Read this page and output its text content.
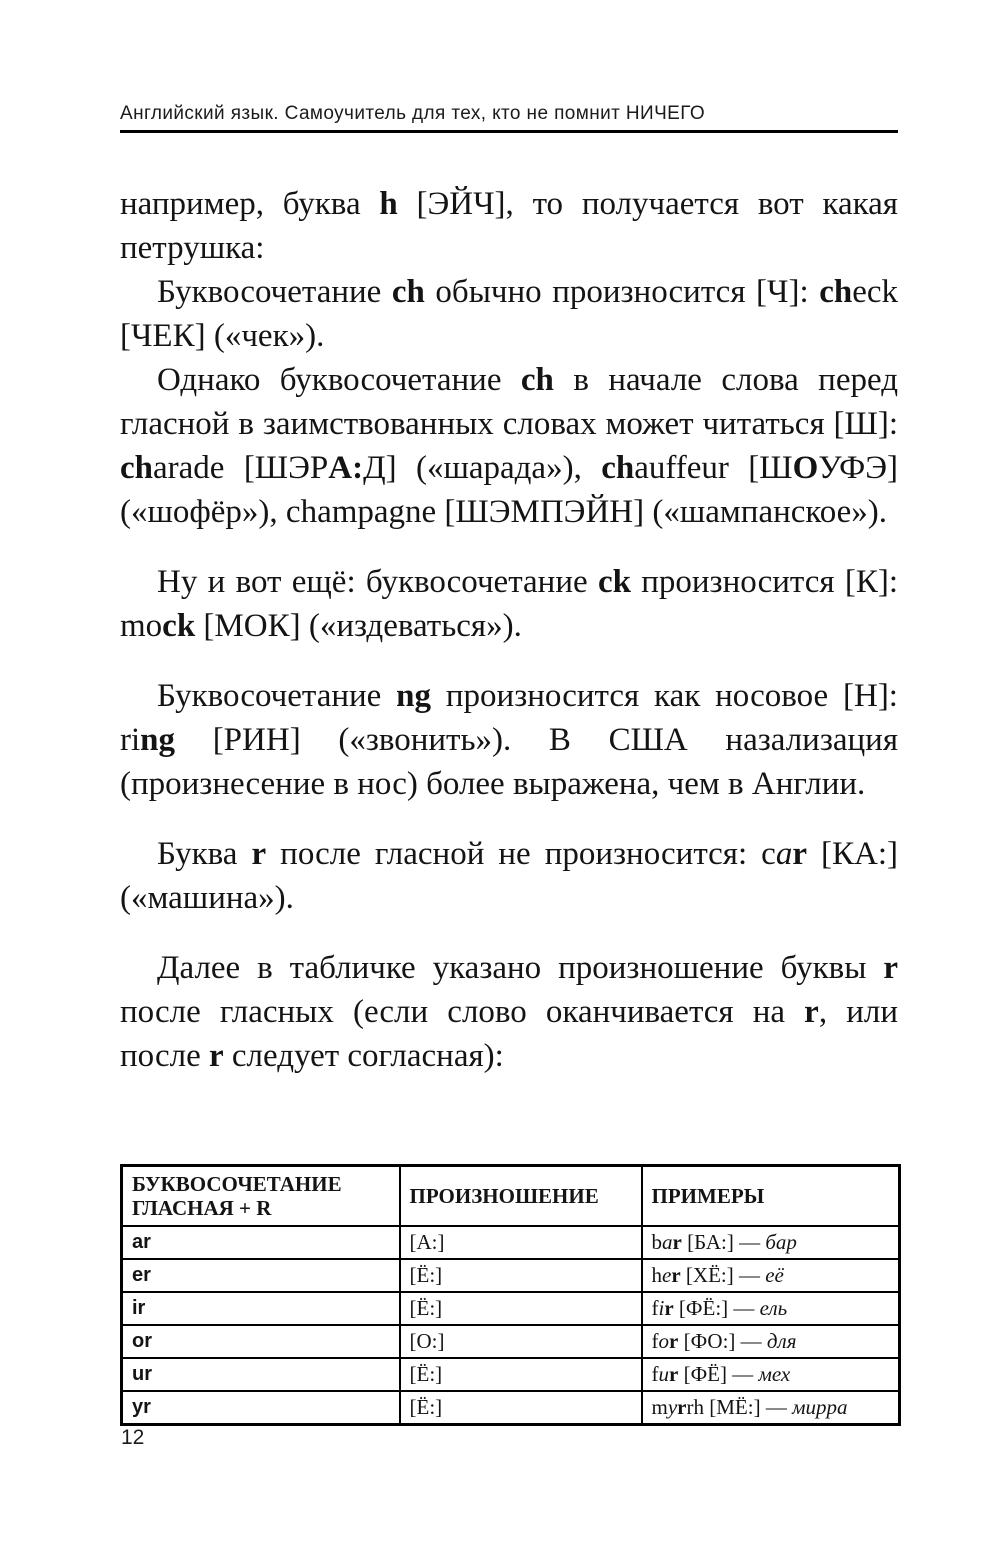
Английский язык. Самоучитель для тех, кто не помнит НИЧЕГО

например, буква h [ЭЙЧ], то получается вот какая петрушка:

Буквосочетание ch обычно произносится [Ч]: check [ЧЕК] («чек»).

Однако буквосочетание ch в начале слова перед гласной в заимствованных словах может читаться [Ш]: charade [ШЭРА:Д] («шарада»), chauffeur [ШОУФЭ] («шофёр»), champagne [ШЭМПЭЙН] («шампанское»).

Ну и вот ещё: буквосочетание ck произносится [К]: mock [МОК] («издеваться»).

Буквосочетание ng произносится как носовое [Н]: ring [РИН] («звонить»). В США назализация (произнесение в нос) более выражена, чем в Англии.

Буква r после гласной не произносится: car [КА:] («машина»).

Далее в табличке указано произношение буквы r после гласных (если слово оканчивается на r, или после r следует согласная):

БУКВОСОЧЕТАНИЕ
ГЛАСНАЯ + R	ПРОИЗНОШЕНИЕ	ПРИМЕРЫ

ar	[А:]	bar [БА:] — бар
er	[Ё:]	her [ХЁ:] — её
ir	[Ё:]	fir [ФЁ:] — ель
or	[О:]	for [ФО:] — для
ur	[Ё:]	fur [ФЁ] — мех
yr	[Ё:]	myrrh [МЁ:] — мирра
12
